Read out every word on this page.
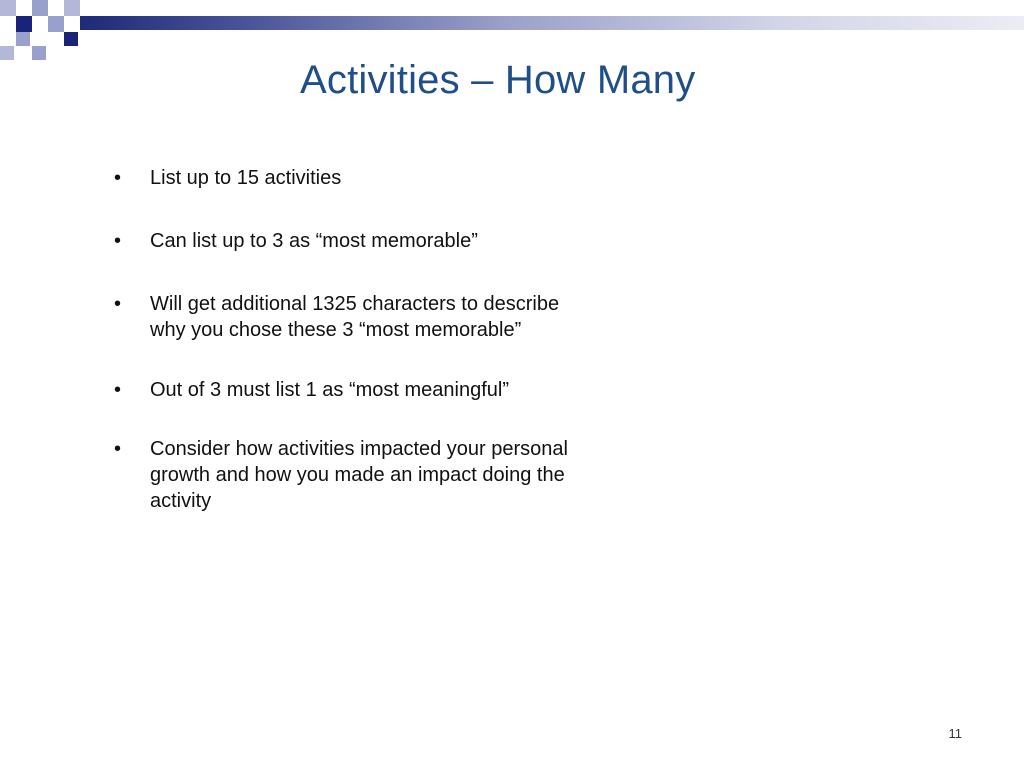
Activities – How Many
• List up to 15 activities
• Can list up to 3 as “most memorable”
• Will get additional 1325 characters to describe why you chose these 3 “most memorable”
• Out of 3 must list 1 as “most meaningful”
• Consider how activities impacted your personal growth and how you made an impact doing the activity
11
